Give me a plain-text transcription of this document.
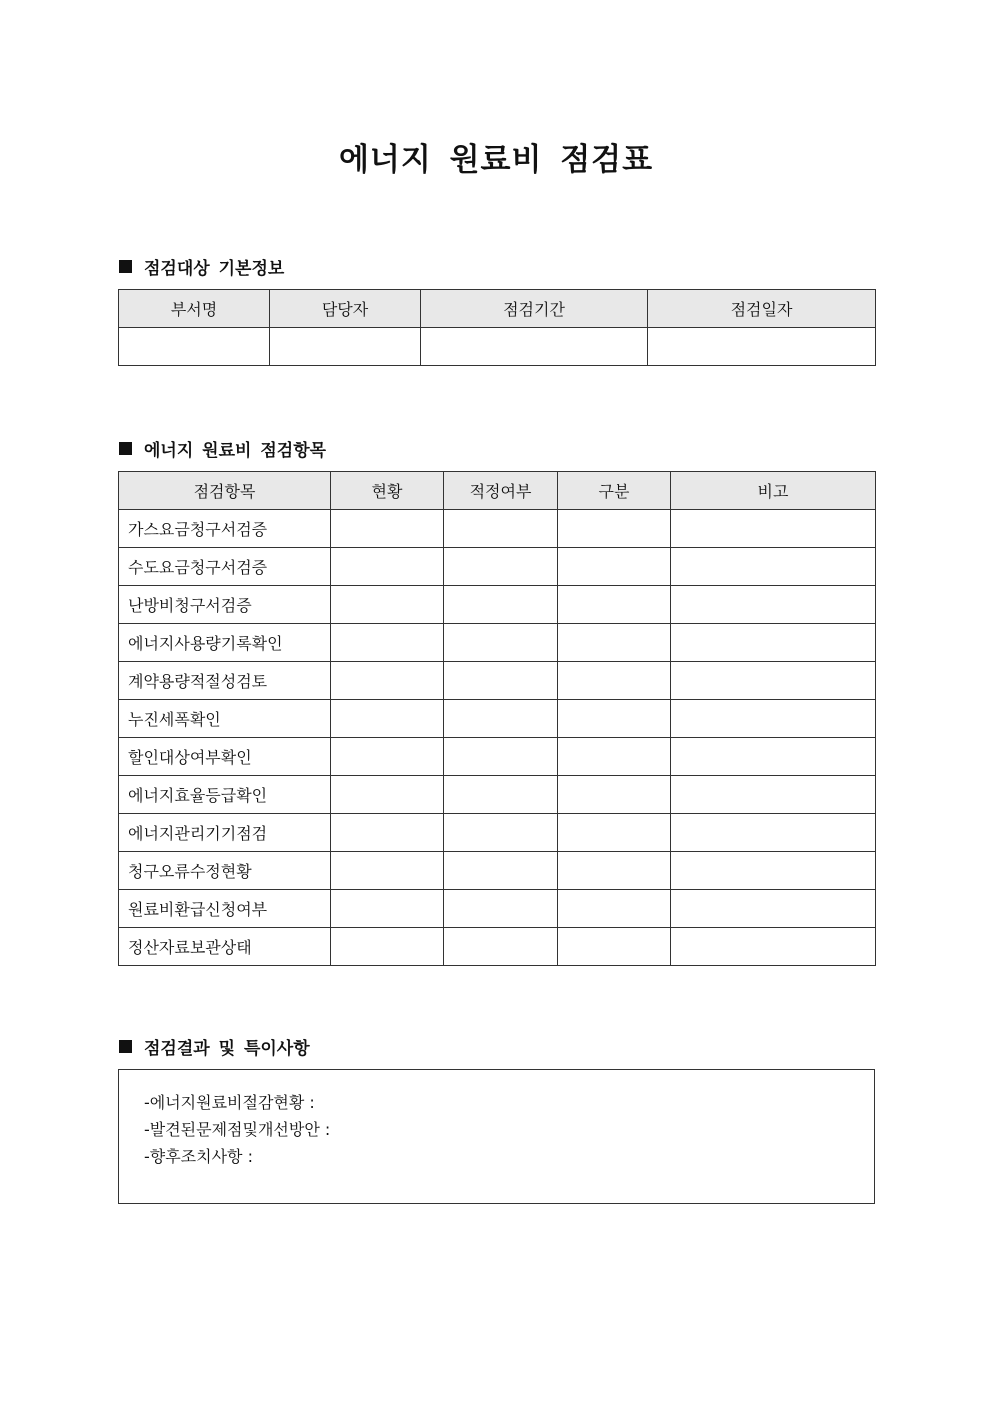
에너지 원료비 점검표
점검대상 기본정보
부서명	담당자	점검기간	점검일자

에너지 원료비 점검항목
점검항목	현황	적정여부	구분	비고
가스요금청구서검증				
수도요금청구서검증				
난방비청구서검증				
에너지사용량기록확인				
계약용량적절성검토				
누진세폭확인				
할인대상여부확인				
에너지효율등급확인				
에너지관리기기점검				
청구오류수정현황				
원료비환급신청여부				
정산자료보관상태				
점검결과 및 특이사항
-에너지원료비절감현황 :
-발견된문제점및개선방안 :
-향후조치사항 :
